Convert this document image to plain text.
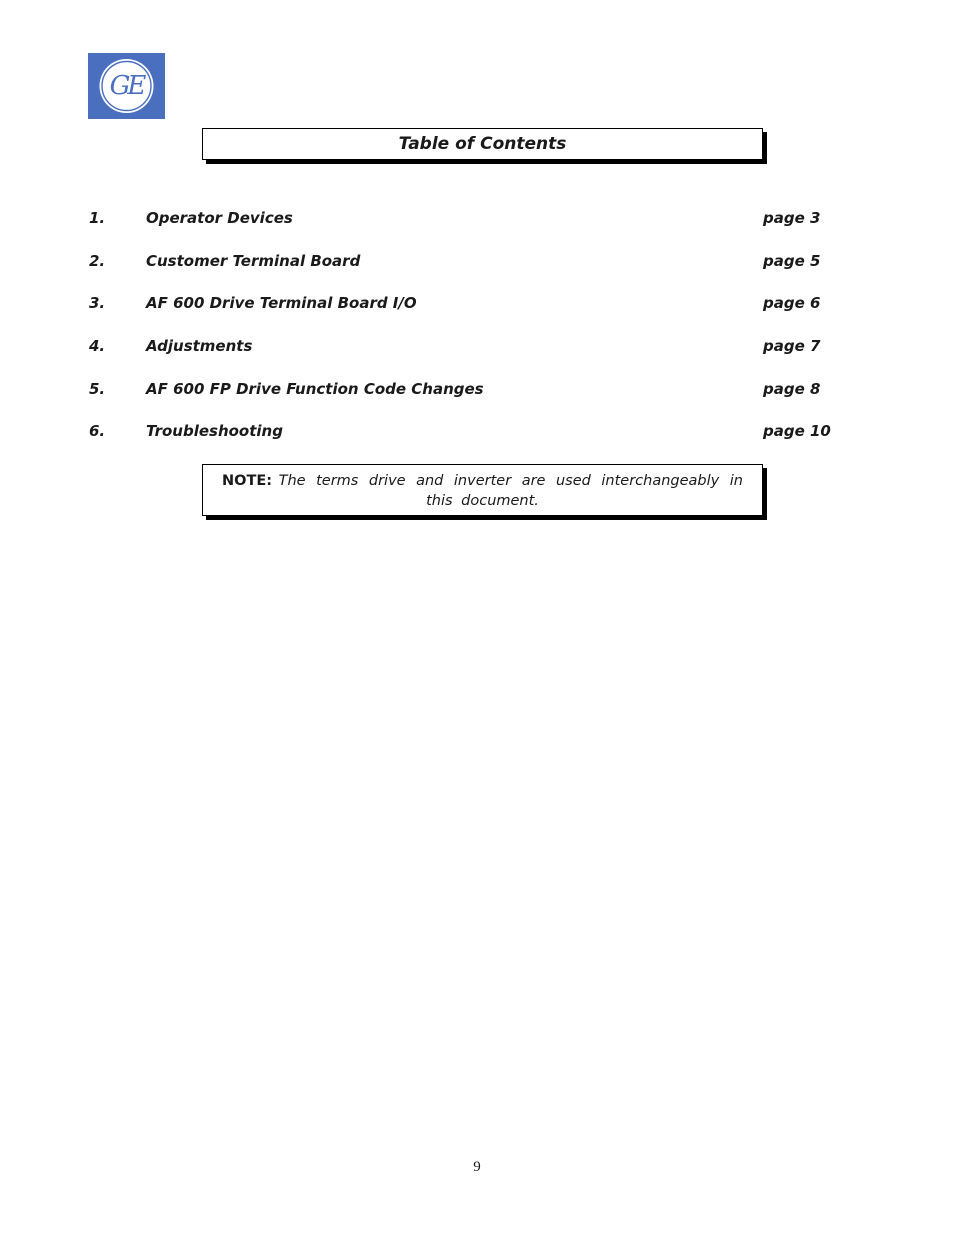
GE
Table of Contents
1.	Operator Devices	page 3
2.	Customer Terminal Board	page 5
3.	AF 600 Drive Terminal Board I/O	page 6
4.	Adjustments	page 7
5.	AF 600 FP Drive Function Code Changes	page 8
6.	Troubleshooting	page 10
NOTE: The terms drive and inverter are used interchangeably in this document.
9
